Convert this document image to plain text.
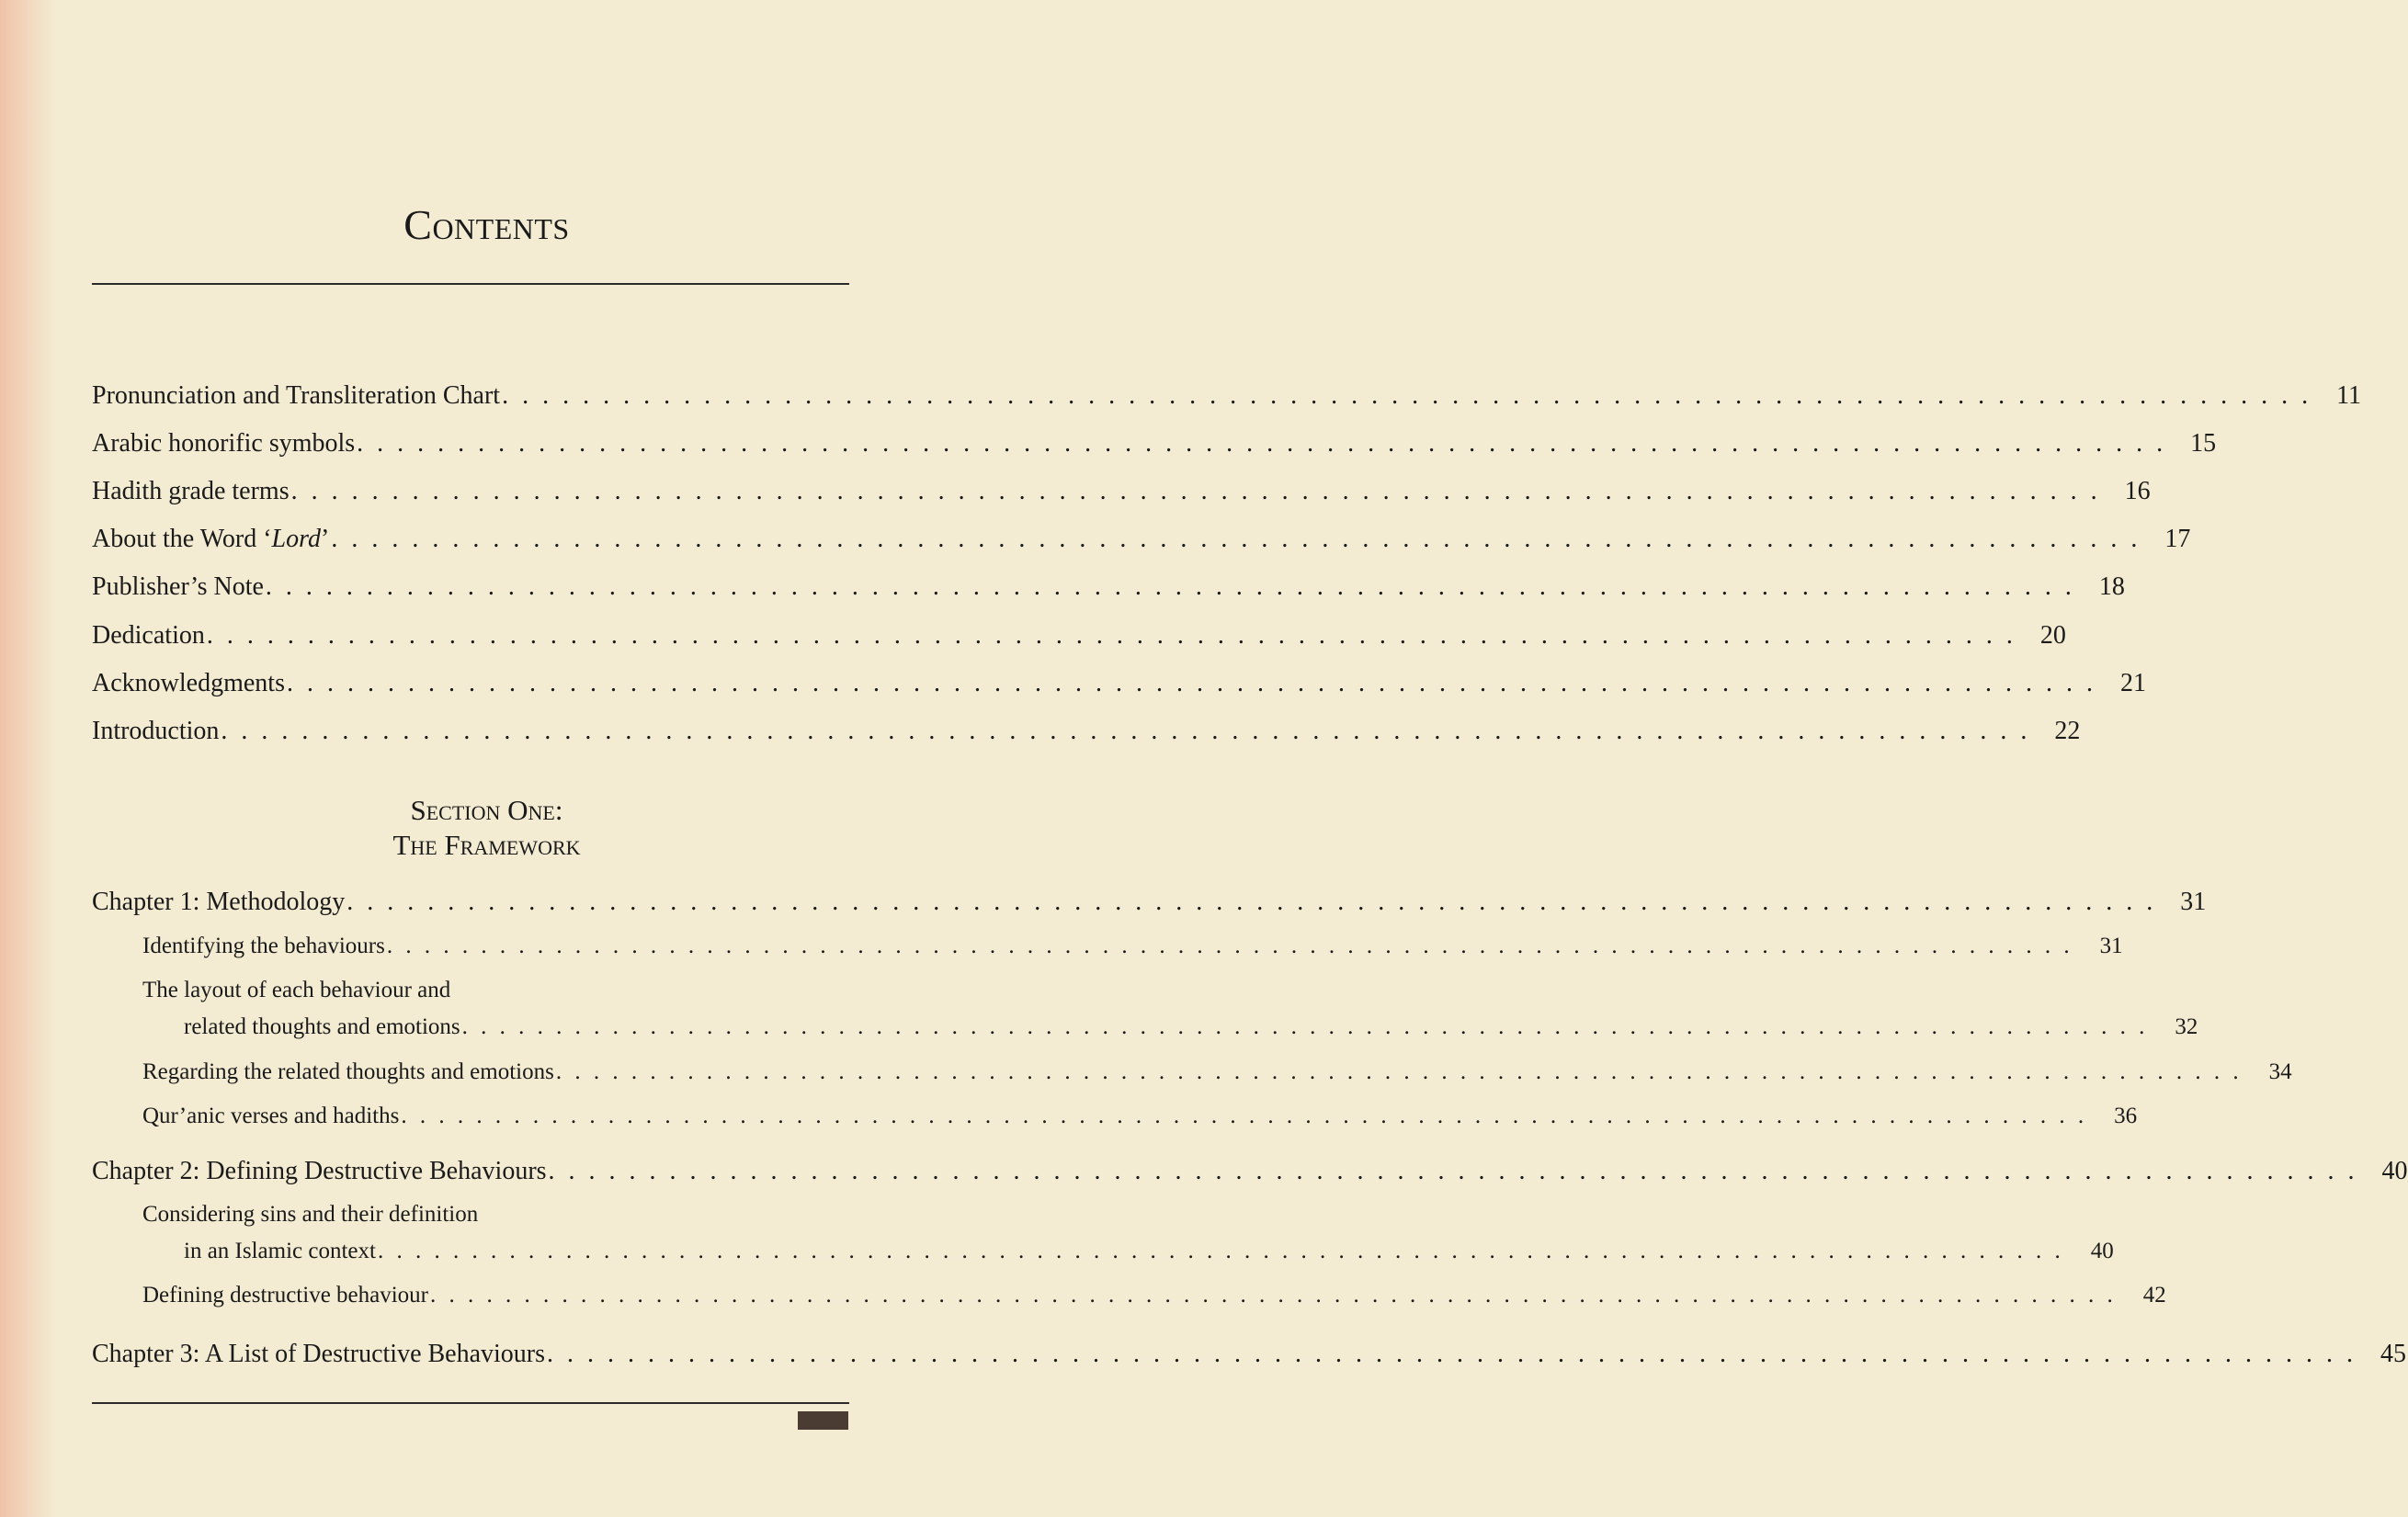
Contents
Pronunciation and Transliteration Chart . . . . . . . . . . . . . . . . . . . . . . . . . . . . . . . . . . . . . . . . . . . . . . . . . . . . . . . . . . . . . . . . . . . . . . . . . . . . . . . . . . . . . . . . . . 11
Arabic honorific symbols . . . . . . . . . . . . . . . . . . . . . . . . . . . . . . . . . . . . . . . . . . . . . . . . . . . . . . . . . . . . . . . . . . . . . . . . . . . . . . . . . . . . . . . . . . 15
Hadith grade terms . . . . . . . . . . . . . . . . . . . . . . . . . . . . . . . . . . . . . . . . . . . . . . . . . . . . . . . . . . . . . . . . . . . . . . . . . . . . . . . . . . . . . . . . . . 16
About the Word ‘Lord’ . . . . . . . . . . . . . . . . . . . . . . . . . . . . . . . . . . . . . . . . . . . . . . . . . . . . . . . . . . . . . . . . . . . . . . . . . . . . . . . . . . . . . . . . . . 17
Publisher’s Note . . . . . . . . . . . . . . . . . . . . . . . . . . . . . . . . . . . . . . . . . . . . . . . . . . . . . . . . . . . . . . . . . . . . . . . . . . . . . . . . . . . . . . . . . . 18
Dedication . . . . . . . . . . . . . . . . . . . . . . . . . . . . . . . . . . . . . . . . . . . . . . . . . . . . . . . . . . . . . . . . . . . . . . . . . . . . . . . . . . . . . . . . . . 20
Acknowledgments . . . . . . . . . . . . . . . . . . . . . . . . . . . . . . . . . . . . . . . . . . . . . . . . . . . . . . . . . . . . . . . . . . . . . . . . . . . . . . . . . . . . . . . . . . 21
Introduction . . . . . . . . . . . . . . . . . . . . . . . . . . . . . . . . . . . . . . . . . . . . . . . . . . . . . . . . . . . . . . . . . . . . . . . . . . . . . . . . . . . . . . . . . . 22
Section One:
The Framework
Chapter 1: Methodology . . . . . . . . . . . . . . . . . . . . . . . . . . . . . . . . . . . . . . . . . . . . . . . . . . . . . . . . . . . . . . . . . . . . . . . . . . . . . . . . . . . . . . . . . . 31
Identifying the behaviours . . . . . . . . . . . . . . . . . . . . . . . . . . . . . . . . . . . . . . . . . . . . . . . . . . . . . . . . . . . . . . . . . . . . . . . . . . . . . . . . . . . . . . . . . .	31
The layout of each behaviour and
related thoughts and emotions . . . . . . . . . . . . . . . . . . . . . . . . . . . . . . . . . . . . . . . . . . . . . . . . . . . . . . . . . . . . . . . . . . . . . . . . . . . . . . . . . . . . . . . . . .	32
Regarding the related thoughts and emotions . . . . . . . . . . . . . . . . . . . . . . . . . . . . . . . . . . . . . . . . . . . . . . . . . . . . . . . . . . . . . . . . . . . . . . . . . . . . . . . . . . . . . . . . . .	34
Qur’anic verses and hadiths . . . . . . . . . . . . . . . . . . . . . . . . . . . . . . . . . . . . . . . . . . . . . . . . . . . . . . . . . . . . . . . . . . . . . . . . . . . . . . . . . . . . . . . . . .	36
Chapter 2: Defining Destructive Behaviours . . . . . . . . . . . . . . . . . . . . . . . . . . . . . . . . . . . . . . . . . . . . . . . . . . . . . . . . . . . . . . . . . . . . . . . . . . . . . . . . . . . . . . . . . . 40
Considering sins and their definition
in an Islamic context . . . . . . . . . . . . . . . . . . . . . . . . . . . . . . . . . . . . . . . . . . . . . . . . . . . . . . . . . . . . . . . . . . . . . . . . . . . . . . . . . . . . . . . . . .	40
Defining destructive behaviour . . . . . . . . . . . . . . . . . . . . . . . . . . . . . . . . . . . . . . . . . . . . . . . . . . . . . . . . . . . . . . . . . . . . . . . . . . . . . . . . . . . . . . . . . .	42
Chapter 3: A List of Destructive Behaviours . . . . . . . . . . . . . . . . . . . . . . . . . . . . . . . . . . . . . . . . . . . . . . . . . . . . . . . . . . . . . . . . . . . . . . . . . . . . . . . . . . . . . . . . . . 45
